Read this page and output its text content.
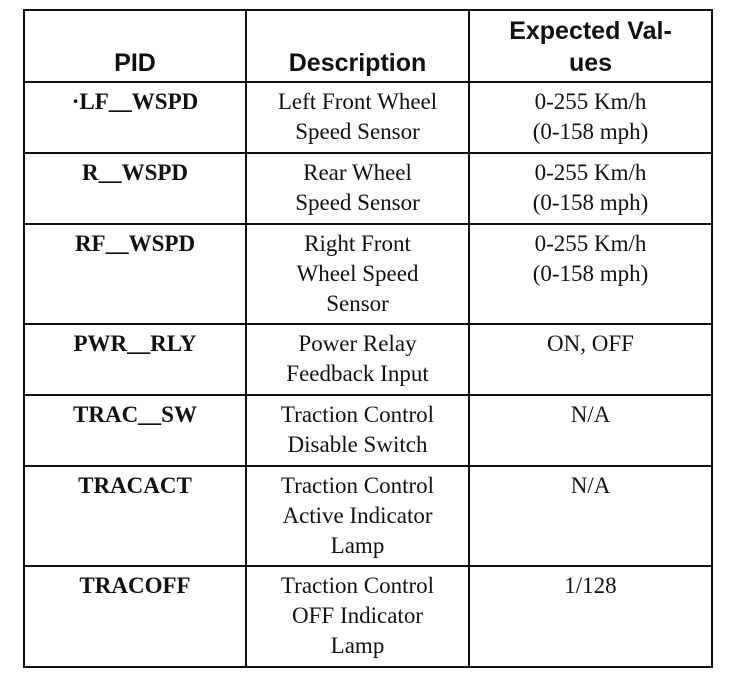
PID	Description	Expected Val-
ues

·LF__WSPD	Left Front Wheel
Speed Sensor	0-255 Km/h
(0-158 mph)

R__WSPD	Rear Wheel
Speed Sensor	0-255 Km/h
(0-158 mph)

RF__WSPD	Right Front
Wheel Speed
Sensor	0-255 Km/h
(0-158 mph)

PWR__RLY	Power Relay
Feedback Input	ON, OFF

TRAC__SW	Traction Control
Disable Switch	N/A

TRACACT	Traction Control
Active Indicator
Lamp	N/A

TRACOFF	Traction Control
OFF Indicator
Lamp	1/128
